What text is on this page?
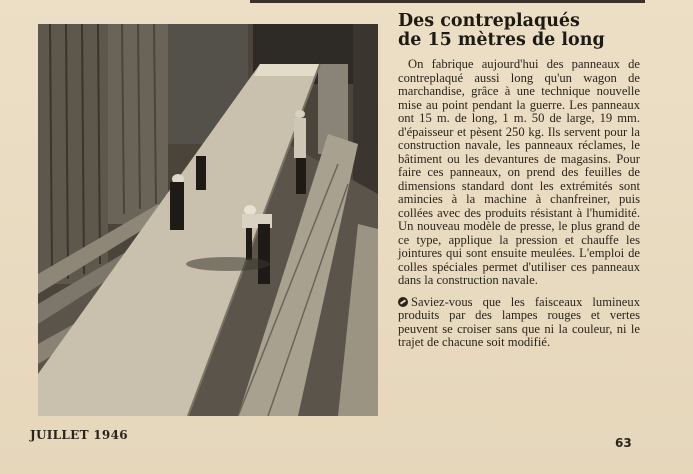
Des contreplaqués
de 15 mètres de long

On fabrique aujourd'hui des panneaux de contreplaqué aussi long qu'un wagon de marchandise, grâce à une technique nouvelle mise au point pendant la guerre. Les panneaux ont 15 m. de long, 1 m. 50 de large, 19 mm. d'épaisseur et pèsent 250 kg. Ils servent pour la construction navale, les panneaux réclames, le bâtiment ou les devantures de magasins. Pour faire ces panneaux, on prend des feuilles de dimensions standard dont les extrémités sont amincies à la machine à chanfreiner, puis collées avec des produits résistant à l'humidité. Un nouveau modèle de presse, le plus grand de ce type, applique la pression et chauffe les jointures qui sont ensuite meulées. L'emploi de colles spéciales permet d'utiliser ces panneaux dans la construction navale.

Saviez-vous que les faisceaux lumineux produits par des lampes rouges et vertes peuvent se croiser sans que ni la couleur, ni le trajet de chacune soit modifié.

JUILLET 1946
63
